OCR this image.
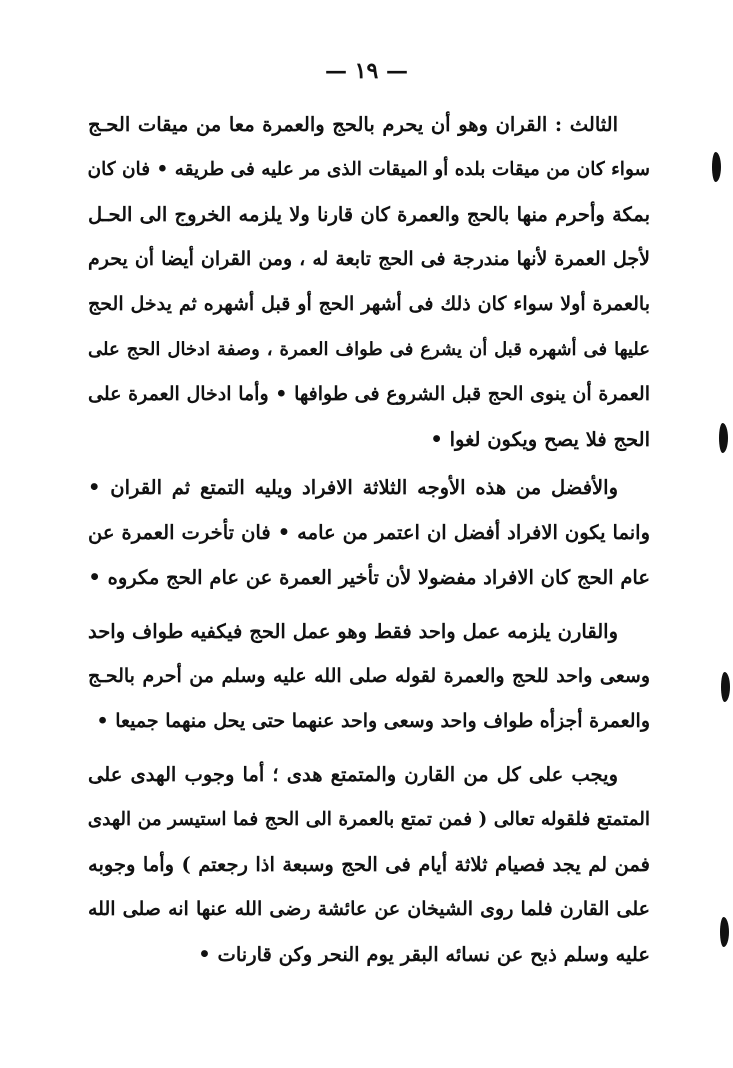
— ١٩ —
الثالث : القران وهو أن يحرم بالحج والعمرة معا من ميقات الحـج
سواء كان من ميقات بلده أو الميقات الذى مر عليه فى طريقه • فان كان
بمكة وأحرم منها بالحج والعمرة كان قارنا ولا يلزمه الخروج الى الحـل
لأجل العمرة لأنها مندرجة فى الحج تابعة له ، ومن القران أيضا أن يحرم
بالعمرة أولا سواء كان ذلك فى أشهر الحج أو قبل أشهره ثم يدخل الحج
عليها فى أشهره قبل أن يشرع فى طواف العمرة ، وصفة ادخال الحج على
العمرة أن ينوى الحج قبل الشروع فى طوافها • وأما ادخال العمرة على
الحج فلا يصح ويكون لغوا •
والأفضل من هذه الأوجه الثلاثة الافراد ويليه التمتع ثم القران •
وانما يكون الافراد أفضل ان اعتمر من عامه • فان تأخرت العمرة عن
عام الحج كان الافراد مفضولا لأن تأخير العمرة عن عام الحج مكروه •
والقارن يلزمه عمل واحد فقط وهو عمل الحج فيكفيه طواف واحد
وسعى واحد للحج والعمرة لقوله صلى الله عليه وسلم من أحرم بالحـج
والعمرة أجزأه طواف واحد وسعى واحد عنهما حتى يحل منهما جميعا •
ويجب على كل من القارن والمتمتع هدى ؛ أما وجوب الهدى على
المتمتع فلقوله تعالى ( فمن تمتع بالعمرة الى الحج فما استيسر من الهدى
فمن لم يجد فصيام ثلاثة أيام فى الحج وسبعة اذا رجعتم ) وأما وجوبه
على القارن فلما روى الشيخان عن عائشة رضى الله عنها انه صلى الله
عليه وسلم ذبح عن نسائه البقر يوم النحر وكن قارنات •
